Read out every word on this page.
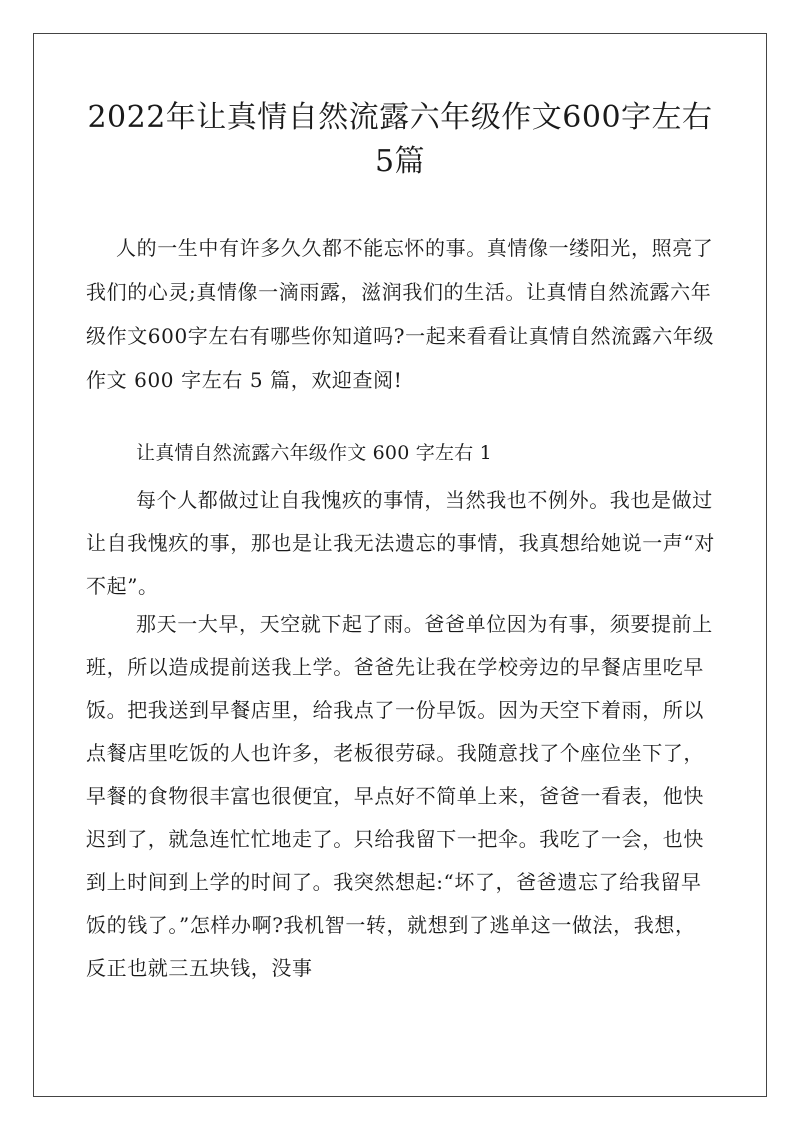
2022年让真情自然流露六年级作文600字左右5篇

人的一生中有许多久久都不能忘怀的事。真情像一缕阳光，照亮了我们的心灵;真情像一滴雨露，滋润我们的生活。让真情自然流露六年级作文600字左右有哪些你知道吗?一起来看看让真情自然流露六年级作文 600 字左右 5 篇，欢迎查阅!

让真情自然流露六年级作文 600 字左右 1

每个人都做过让自我愧疚的事情，当然我也不例外。我也是做过让自我愧疚的事，那也是让我无法遗忘的事情，我真想给她说一声“对不起”。

那天一大早，天空就下起了雨。爸爸单位因为有事，须要提前上班，所以造成提前送我上学。爸爸先让我在学校旁边的早餐店里吃早饭。把我送到早餐店里，给我点了一份早饭。因为天空下着雨，所以点餐店里吃饭的人也许多，老板很劳碌。我随意找了个座位坐下了，早餐的食物很丰富也很便宜，早点好不简单上来，爸爸一看表，他快迟到了，就急连忙忙地走了。只给我留下一把伞。我吃了一会，也快到上时间到上学的时间了。我突然想起:“坏了，爸爸遗忘了给我留早饭的钱了。”怎样办啊?我机智一转，就想到了逃单这一做法，我想，反正也就三五块钱，没事
